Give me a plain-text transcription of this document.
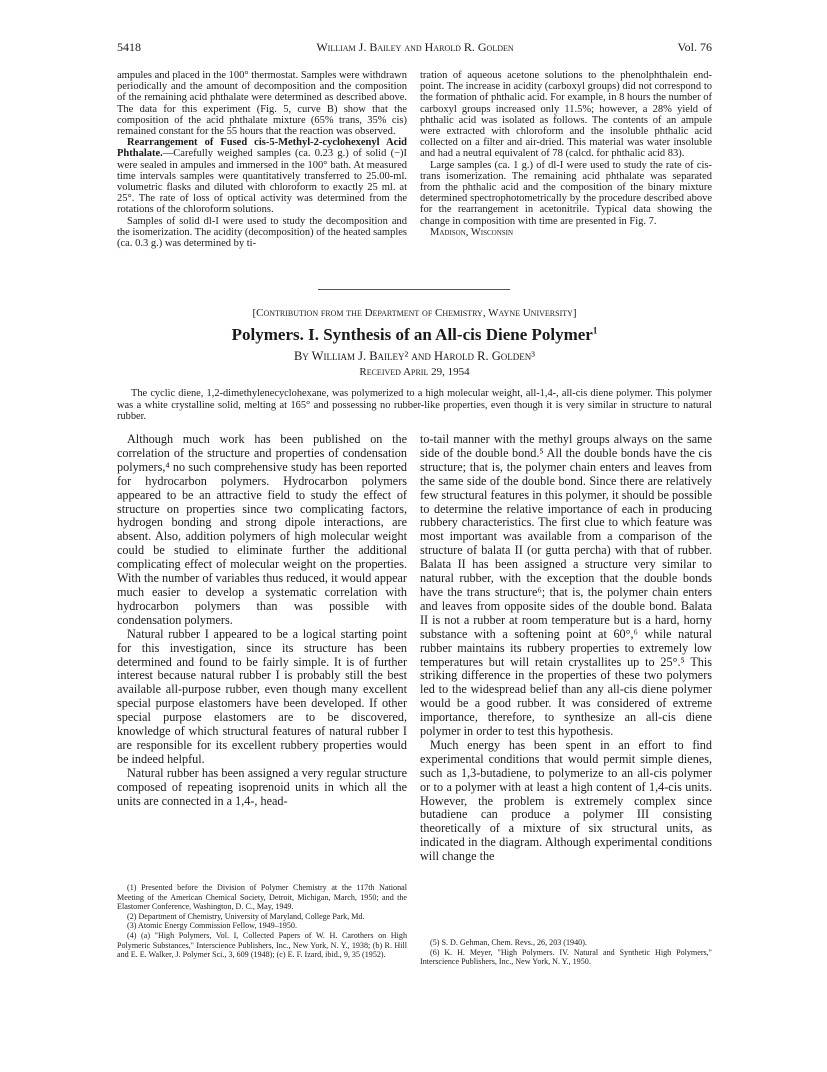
5418	William J. Bailey and Harold R. Golden	Vol. 76

ampules and placed in the 100° thermostat. Samples were withdrawn periodically and the amount of decomposition and the composition of the remaining acid phthalate were determined as described above. The data for this experiment (Fig. 5, curve B) show that the composition of the acid phthalate mixture (65% trans, 35% cis) remained constant for the 55 hours that the reaction was observed.

Rearrangement of Fused cis-5-Methyl-2-cyclohexenyl Acid Phthalate.—Carefully weighed samples (ca. 0.23 g.) of solid (−)I were sealed in ampules and immersed in the 100° bath. At measured time intervals samples were quantitatively transferred to 25.00-ml. volumetric flasks and diluted with chloroform to exactly 25 ml. at 25°. The rate of loss of optical activity was determined from the rotations of the chloroform solutions.

Samples of solid dl-I were used to study the decomposition and the isomerization. The acidity (decomposition) of the heated samples (ca. 0.3 g.) was determined by ti-

tration of aqueous acetone solutions to the phenolphthalein end-point. The increase in acidity (carboxyl groups) did not correspond to the formation of phthalic acid. For example, in 8 hours the number of carboxyl groups increased only 11.5%; however, a 28% yield of phthalic acid was isolated as follows. The contents of an ampule were extracted with chloroform and the insoluble phthalic acid collected on a filter and air-dried. This material was water insoluble and had a neutral equivalent of 78 (calcd. for phthalic acid 83).

Large samples (ca. 1 g.) of dl-I were used to study the rate of cis-trans isomerization. The remaining acid phthalate was separated from the phthalic acid and the composition of the binary mixture determined spectrophotometrically by the procedure described above for the rearrangement in acetonitrile. Typical data showing the change in composition with time are presented in Fig. 7.

Madison, Wisconsin

[Contribution from the Department of Chemistry, Wayne University]
Polymers. I. Synthesis of an All-cis Diene Polymer$^1$
By William J. Bailey² and Harold R. Golden³
Received April 29, 1954
The cyclic diene, 1,2-dimethylenecyclohexane, was polymerized to a high molecular weight, all-1,4-, all-cis diene polymer. This polymer was a white crystalline solid, melting at 165° and possessing no rubber-like properties, even though it is very similar in structure to natural rubber.

Although much work has been published on the correlation of the structure and properties of condensation polymers,⁴ no such comprehensive study has been reported for hydrocarbon polymers. Hydrocarbon polymers appeared to be an attractive field to study the effect of structure on properties since two complicating factors, hydrogen bonding and strong dipole interactions, are absent. Also, addition polymers of high molecular weight could be studied to eliminate further the additional complicating effect of molecular weight on the properties. With the number of variables thus reduced, it would appear much easier to develop a systematic correlation with hydrocarbon polymers than was possible with condensation polymers.

Natural rubber I appeared to be a logical starting point for this investigation, since its structure has been determined and found to be fairly simple. It is of further interest because natural rubber I is probably still the best available all-purpose rubber, even though many excellent special purpose elastomers have been developed. If other special purpose elastomers are to be discovered, knowledge of which structural features of natural rubber I are responsible for its excellent rubbery properties would be indeed helpful.

Natural rubber has been assigned a very regular structure composed of repeating isoprenoid units in which all the units are connected in a 1,4-, head-

(1) Presented before the Division of Polymer Chemistry at the 117th National Meeting of the American Chemical Society, Detroit, Michigan, March, 1950; and the Elastomer Conference, Washington, D. C., May, 1949.

(2) Department of Chemistry, University of Maryland, College Park, Md.

(3) Atomic Energy Commission Fellow, 1949–1950.

(4) (a) "High Polymers, Vol. I, Collected Papers of W. H. Carothers on High Polymeric Substances," Interscience Publishers, Inc., New York, N. Y., 1938; (b) R. Hill and E. E. Walker, J. Polymer Sci., 3, 609 (1948); (c) E. F. Izard, ibid., 9, 35 (1952).

to-tail manner with the methyl groups always on the same side of the double bond.⁵ All the double bonds have the cis structure; that is, the polymer chain enters and leaves from the same side of the double bond. Since there are relatively few structural features in this polymer, it should be possible to determine the relative importance of each in producing rubbery characteristics. The first clue to which feature was most important was available from a comparison of the structure of balata II (or gutta percha) with that of rubber. Balata II has been assigned a structure very similar to natural rubber, with the exception that the double bonds have the trans structure⁶; that is, the polymer chain enters and leaves from opposite sides of the double bond. Balata II is not a rubber at room temperature but is a hard, horny substance with a softening point at 60°,⁶ while natural rubber maintains its rubbery properties to extremely low temperatures but will retain crystallites up to 25°.⁵ This striking difference in the properties of these two polymers led to the widespread belief than any all-cis diene polymer would be a good rubber. It was considered of extreme importance, therefore, to synthesize an all-cis diene polymer in order to test this hypothesis.

Much energy has been spent in an effort to find experimental conditions that would permit simple dienes, such as 1,3-butadiene, to polymerize to an all-cis polymer or to a polymer with at least a high content of 1,4-cis units. However, the problem is extremely complex since butadiene can produce a polymer III consisting theoretically of a mixture of six structural units, as indicated in the diagram. Although experimental conditions will change the

(5) S. D. Gehman, Chem. Revs., 26, 203 (1940).

(6) K. H. Meyer, "High Polymers. IV. Natural and Synthetic High Polymers," Interscience Publishers, Inc., New York, N. Y., 1950.
